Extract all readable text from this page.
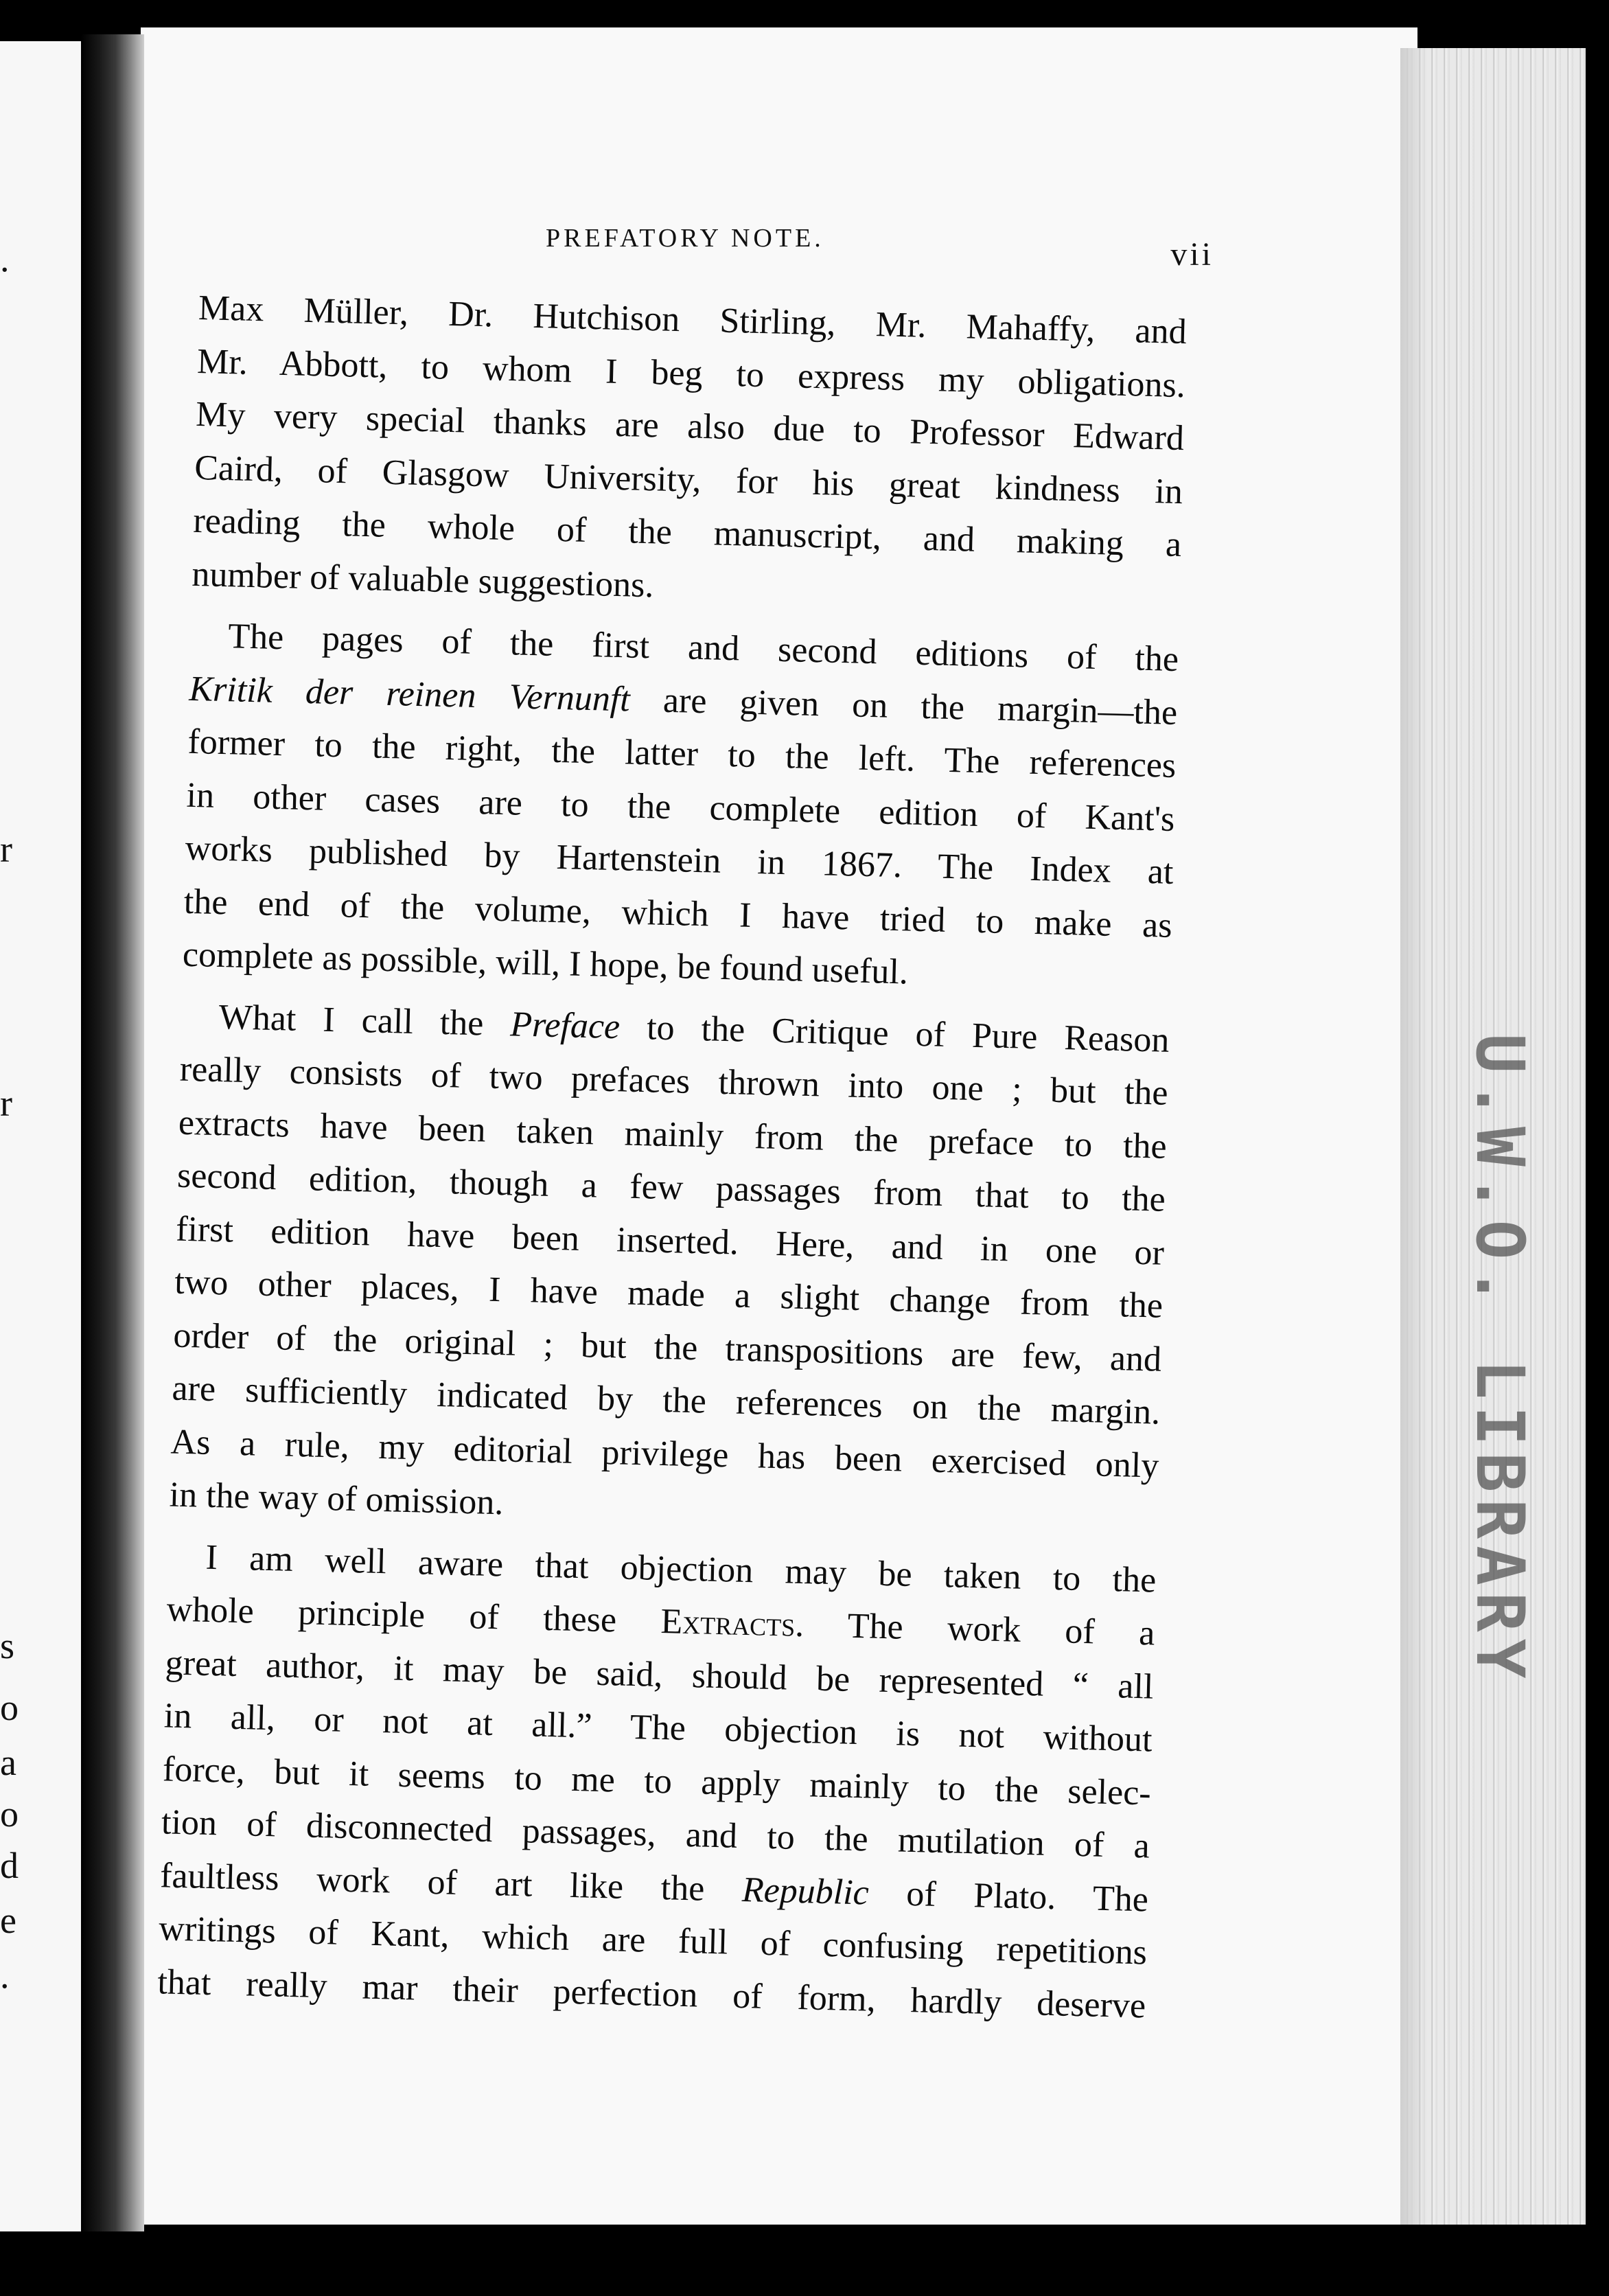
.
r
r
s
o
a
o
d
e
.
U.W.O. LIBRARY
PREFATORY NOTE.	vii
Max Müller, Dr. Hutchison Stirling, Mr. Mahaffy, and
Mr. Abbott, to whom I beg to express my obligations.
My very special thanks are also due to Professor Edward
Caird, of Glasgow University, for his great kindness in
reading the whole of the manuscript, and making a
number of valuable suggestions.
The pages of the first and second editions of the
Kritik der reinen Vernunft are given on the margin—the
former to the right, the latter to the left. The references
in other cases are to the complete edition of Kant's
works published by Hartenstein in 1867. The Index at
the end of the volume, which I have tried to make as
complete as possible, will, I hope, be found useful.
What I call the Preface to the Critique of Pure Reason
really consists of two prefaces thrown into one ; but the
extracts have been taken mainly from the preface to the
second edition, though a few passages from that to the
first edition have been inserted. Here, and in one or
two other places, I have made a slight change from the
order of the original ; but the transpositions are few, and
are sufficiently indicated by the references on the margin.
As a rule, my editorial privilege has been exercised only
in the way of omission.
I am well aware that objection may be taken to the
whole principle of these Extracts. The work of a
great author, it may be said, should be represented “ all
in all, or not at all.” The objection is not without
force, but it seems to me to apply mainly to the selec-
tion of disconnected passages, and to the mutilation of a
faultless work of art like the Republic of Plato. The
writings of Kant, which are full of confusing repetitions
that really mar their perfection of form, hardly deserve
